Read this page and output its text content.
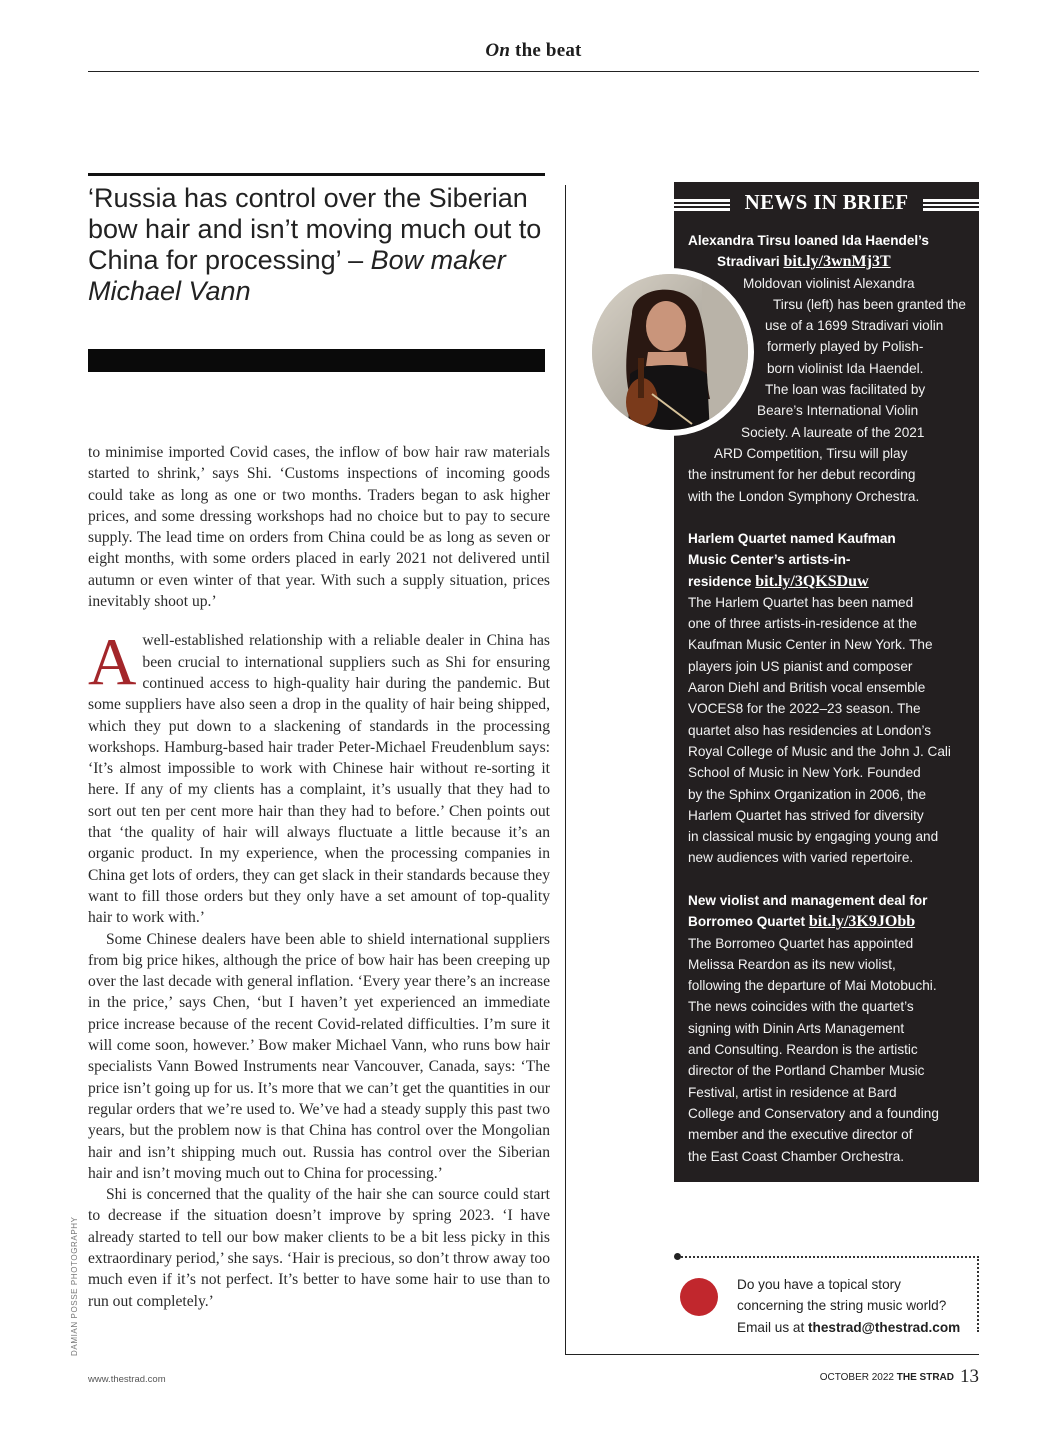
On the beat
‘Russia has control over the Siberian bow hair and isn’t moving much out to China for processing’ – Bow maker Michael Vann

to minimise imported Covid cases, the inflow of bow hair raw materials started to shrink,’ says Shi. ‘Customs inspections of incoming goods could take as long as one or two months. Traders began to ask higher prices, and some dressing workshops had no choice but to pay to secure supply. The lead time on orders from China could be as long as seven or eight months, with some orders placed in early 2021 not delivered until autumn or even winter of that year. With such a supply situation, prices inevitably shoot up.’

Awell-established relationship with a reliable dealer in China has been crucial to international suppliers such as Shi for ensuring continued access to high-quality hair during the pandemic. But some suppliers have also seen a drop in the quality of hair being shipped, which they put down to a slackening of standards in the processing workshops. Hamburg-based hair trader Peter-Michael Freudenblum says: ‘It’s almost impossible to work with Chinese hair without re-sorting it here. If any of my clients has a complaint, it’s usually that they had to sort out ten per cent more hair than they had to before.’ Chen points out that ‘the quality of hair will always fluctuate a little because it’s an organic product. In my experience, when the processing companies in China get lots of orders, they can get slack in their standards because they want to fill those orders but they only have a set amount of top-quality hair to work with.’

Some Chinese dealers have been able to shield international suppliers from big price hikes, although the price of bow hair has been creeping up over the last decade with general inflation. ‘Every year there’s an increase in the price,’ says Chen, ‘but I haven’t yet experienced an immediate price increase because of the recent Covid-related difficulties. I’m sure it will come soon, however.’ Bow maker Michael Vann, who runs bow hair specialists Vann Bowed Instruments near Vancouver, Canada, says: ‘The price isn’t going up for us. It’s more that we can’t get the quantities in our regular orders that we’re used to. We’ve had a steady supply this past two years, but the problem now is that China has control over the Mongolian hair and isn’t shipping much out. Russia has control over the Siberian hair and isn’t moving much out to China for processing.’

Shi is concerned that the quality of the hair she can source could start to decrease if the situation doesn’t improve by spring 2023. ‘I have already started to tell our bow maker clients to be a bit less picky in this extraordinary period,’ she says. ‘Hair is precious, so don’t throw away too much even if it’s not perfect. It’s better to have some hair to use than to run out completely.’

DAMIAN POSSE PHOTOGRAPHY
NEWS IN BRIEF
Alexandra Tirsu loaned Ida Haendel’s
Stradivari bit.ly/3wnMj3T
Moldovan violinist Alexandra
Tirsu (left) has been granted the
use of a 1699 Stradivari violin
formerly played by Polish-
born violinist Ida Haendel.
The loan was facilitated by
Beare’s International Violin
Society. A laureate of the 2021
ARD Competition, Tirsu will play
the instrument for her debut recording
with the London Symphony Orchestra.
Harlem Quartet named Kaufman
Music Center’s artists-in-
residence bit.ly/3QKSDuw
The Harlem Quartet has been named
one of three artists-in-residence at the
Kaufman Music Center in New York. The
players join US pianist and composer
Aaron Diehl and British vocal ensemble
VOCES8 for the 2022–23 season. The
quartet also has residencies at London’s
Royal College of Music and the John J. Cali
School of Music in New York. Founded
by the Sphinx Organization in 2006, the
Harlem Quartet has strived for diversity
in classical music by engaging young and
new audiences with varied repertoire.
New violist and management deal for
Borromeo Quartet bit.ly/3K9JObb
The Borromeo Quartet has appointed
Melissa Reardon as its new violist,
following the departure of Mai Motobuchi.
The news coincides with the quartet’s
signing with Dinin Arts Management
and Consulting. Reardon is the artistic
director of the Portland Chamber Music
Festival, artist in residence at Bard
College and Conservatory and a founding
member and the executive director of
the East Coast Chamber Orchestra.
Do you have a topical story
concerning the string music world?
Email us at thestrad@thestrad.com
www.thestrad.com	OCTOBER 2022 THE STRAD 13
